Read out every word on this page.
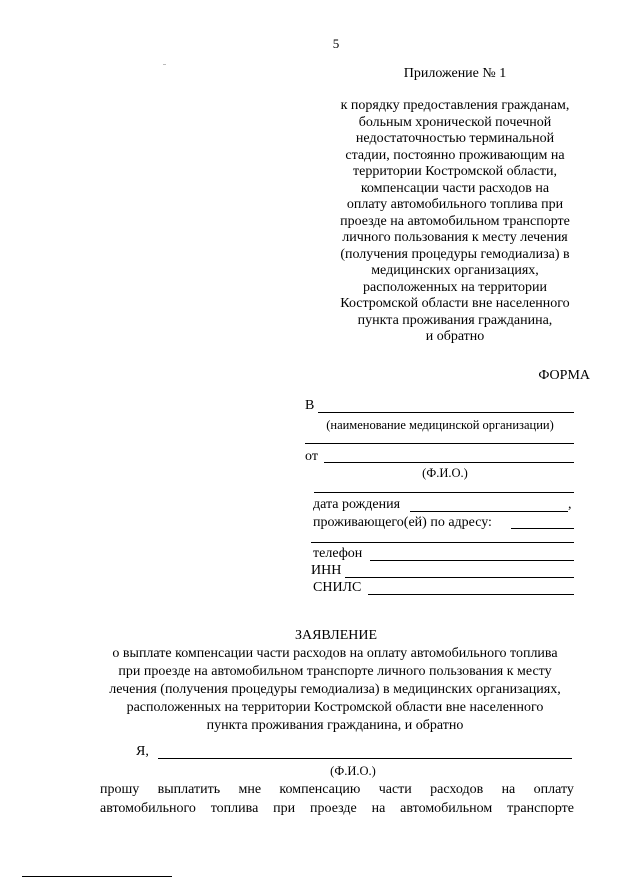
5
Приложение № 1
к порядку предоставления гражданам,
больным хронической почечной
недостаточностью терминальной
стадии, постоянно проживающим на
территории Костромской области,
компенсации части расходов на
оплату автомобильного топлива при
проезде на автомобильном транспорте
личного пользования к месту лечения
(получения процедуры гемодиализа) в
медицинских организациях,
расположенных на территории
Костромской области вне населенного
пункта проживания гражданина,
и обратно
ФОРМА
В
(наименование медицинской организации)
от
(Ф.И.О.)
дата рождения	,
проживающего(ей) по адресу:
телефон
ИНН
СНИЛС
ЗАЯВЛЕНИЕ
о выплате компенсации части расходов на оплату автомобильного топлива
при проезде на автомобильном транспорте личного пользования к месту
лечения (получения процедуры гемодиализа) в медицинских организациях,
расположенных на территории Костромской области вне населенного
пункта проживания гражданина, и обратно
Я,
(Ф.И.О.)
прошу выплатить мне компенсацию части расходов на оплату
автомобильного топлива при проезде на автомобильном транспорте
